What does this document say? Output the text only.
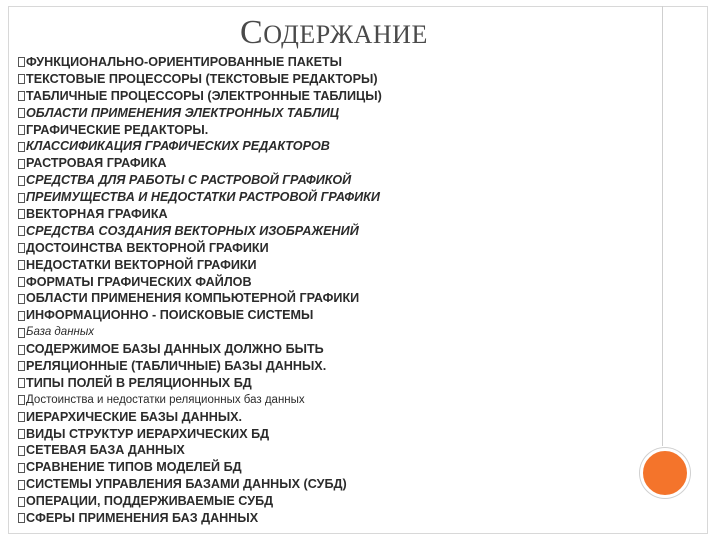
СОДЕРЖАНИЕ
ФУНКЦИОНАЛЬНО-ОРИЕНТИРОВАННЫЕ ПАКЕТЫ
ТЕКСТОВЫЕ ПРОЦЕССОРЫ (ТЕКСТОВЫЕ РЕДАКТОРЫ)
ТАБЛИЧНЫЕ ПРОЦЕССОРЫ (ЭЛЕКТРОННЫЕ ТАБЛИЦЫ)
ОБЛАСТИ ПРИМЕНЕНИЯ ЭЛЕКТРОННЫХ ТАБЛИЦ
ГРАФИЧЕСКИЕ РЕДАКТОРЫ.
КЛАССИФИКАЦИЯ ГРАФИЧЕСКИХ РЕДАКТОРОВ
РАСТРОВАЯ ГРАФИКА
СРЕДСТВА ДЛЯ РАБОТЫ С РАСТРОВОЙ ГРАФИКОЙ
ПРЕИМУЩЕСТВА И НЕДОСТАТКИ РАСТРОВОЙ ГРАФИКИ
ВЕКТОРНАЯ ГРАФИКА
СРЕДСТВА СОЗДАНИЯ ВЕКТОРНЫХ ИЗОБРАЖЕНИЙ
ДОСТОИНСТВА ВЕКТОРНОЙ ГРАФИКИ
НЕДОСТАТКИ ВЕКТОРНОЙ ГРАФИКИ
ФОРМАТЫ ГРАФИЧЕСКИХ ФАЙЛОВ
ОБЛАСТИ ПРИМЕНЕНИЯ КОМПЬЮТЕРНОЙ ГРАФИКИ
ИНФОРМАЦИОННО - ПОИСКОВЫЕ СИСТЕМЫ
База данных
СОДЕРЖИМОЕ БАЗЫ ДАННЫХ ДОЛЖНО БЫТЬ
РЕЛЯЦИОННЫЕ (ТАБЛИЧНЫЕ) БАЗЫ ДАННЫХ.
ТИПЫ ПОЛЕЙ В РЕЛЯЦИОННЫХ БД
Достоинства и недостатки реляционных баз данных
ИЕРАРХИЧЕСКИЕ БАЗЫ ДАННЫХ.
ВИДЫ СТРУКТУР ИЕРАРХИЧЕСКИХ БД
СЕТЕВАЯ БАЗА ДАННЫХ
СРАВНЕНИЕ ТИПОВ МОДЕЛЕЙ БД
СИСТЕМЫ УПРАВЛЕНИЯ БАЗАМИ ДАННЫХ (СУБД)
ОПЕРАЦИИ, ПОДДЕРЖИВАЕМЫЕ СУБД
СФЕРЫ ПРИМЕНЕНИЯ БАЗ ДАННЫХ
